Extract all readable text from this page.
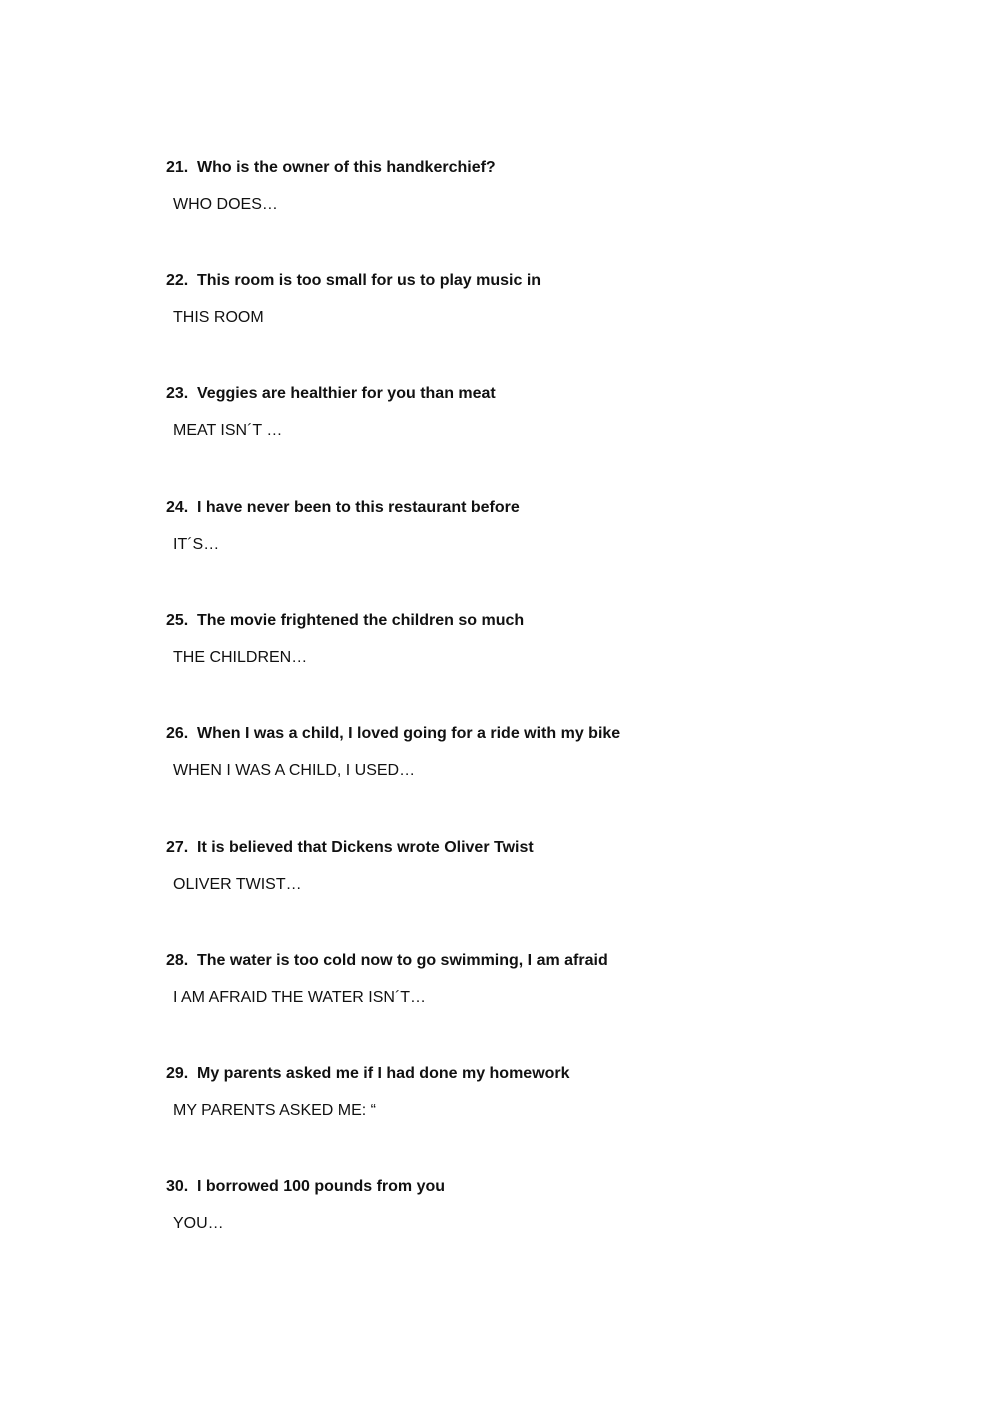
21. Who is the owner of this handkerchief?
WHO DOES…
22. This room is too small for us to play music in
THIS ROOM
23. Veggies are healthier for you than meat
MEAT ISN´T …
24. I have never been to this restaurant before
IT´S…
25. The movie frightened the children so much
THE CHILDREN…
26. When I was a child, I loved going for a ride with my bike
WHEN I WAS A CHILD, I USED…
27. It is believed that Dickens wrote Oliver Twist
OLIVER TWIST…
28. The water is too cold now to go swimming, I am afraid
I AM AFRAID THE WATER ISN´T…
29. My parents asked me if I had done my homework
MY PARENTS ASKED ME: “
30. I borrowed 100 pounds from you
YOU…
